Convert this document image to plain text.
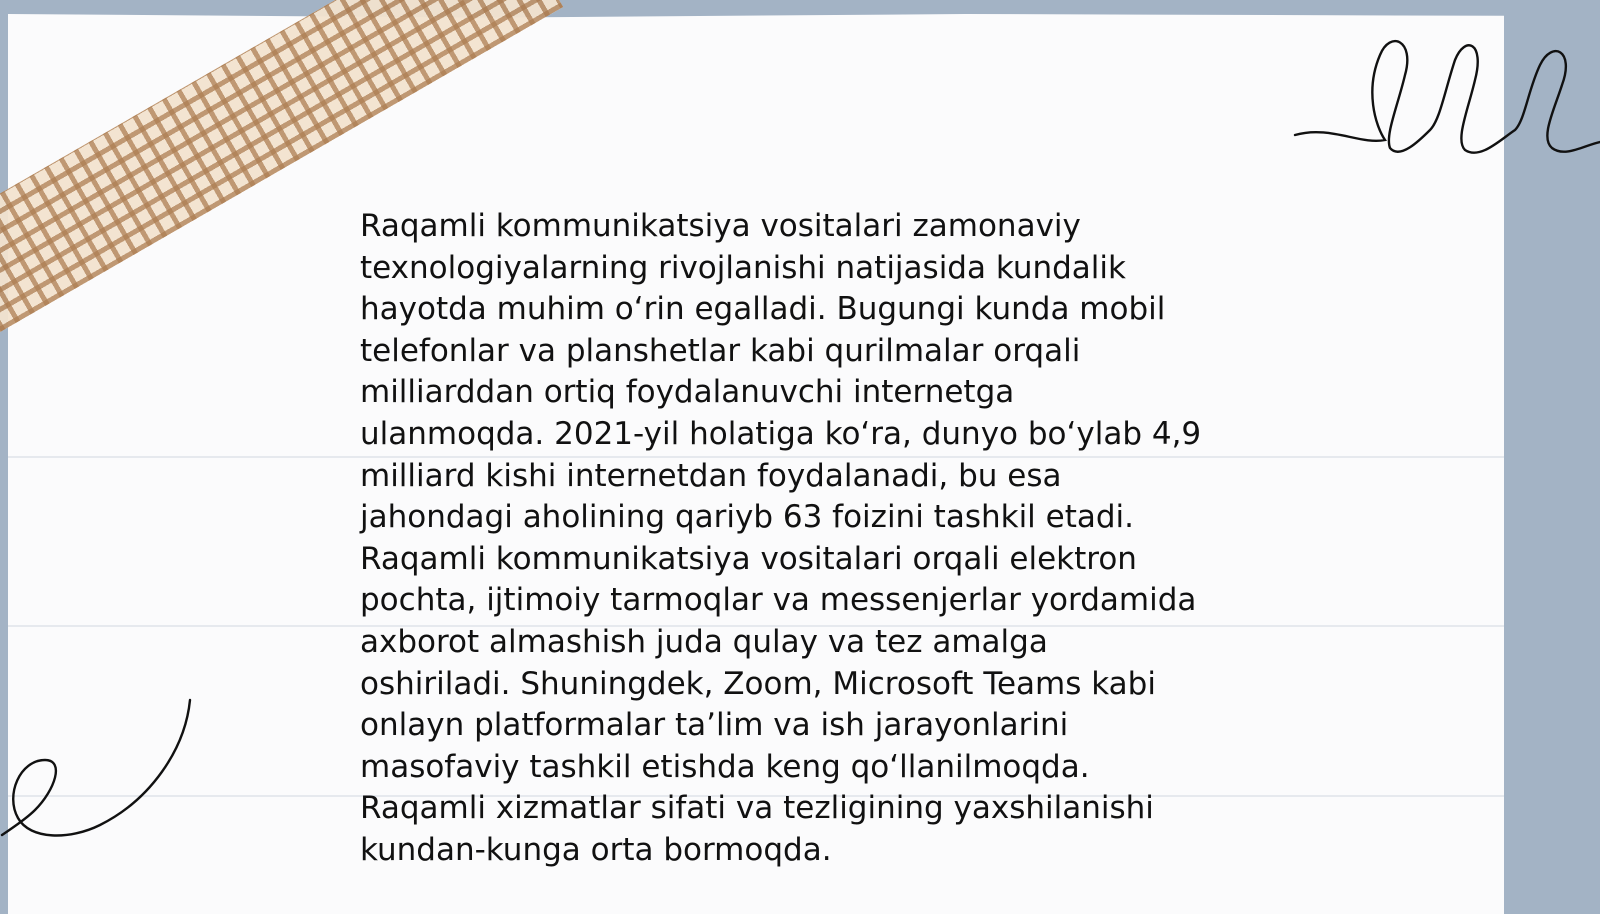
Raqamli kommunikatsiya vositalari zamonaviy
texnologiyalarning rivojlanishi natijasida kundalik
hayotda muhim o‘rin egalladi. Bugungi kunda mobil
telefonlar va planshetlar kabi qurilmalar orqali
milliarddan ortiq foydalanuvchi internetga
ulanmoqda. 2021-yil holatiga ko‘ra, dunyo bo‘ylab 4,9
milliard kishi internetdan foydalanadi, bu esa
jahondagi aholining qariyb 63 foizini tashkil etadi.
Raqamli kommunikatsiya vositalari orqali elektron
pochta, ijtimoiy tarmoqlar va messenjerlar yordamida
axborot almashish juda qulay va tez amalga
oshiriladi. Shuningdek, Zoom, Microsoft Teams kabi
onlayn platformalar ta’lim va ish jarayonlarini
masofaviy tashkil etishda keng qo‘llanilmoqda.
Raqamli xizmatlar sifati va tezligining yaxshilanishi
kundan-kunga orta bormoqda.
